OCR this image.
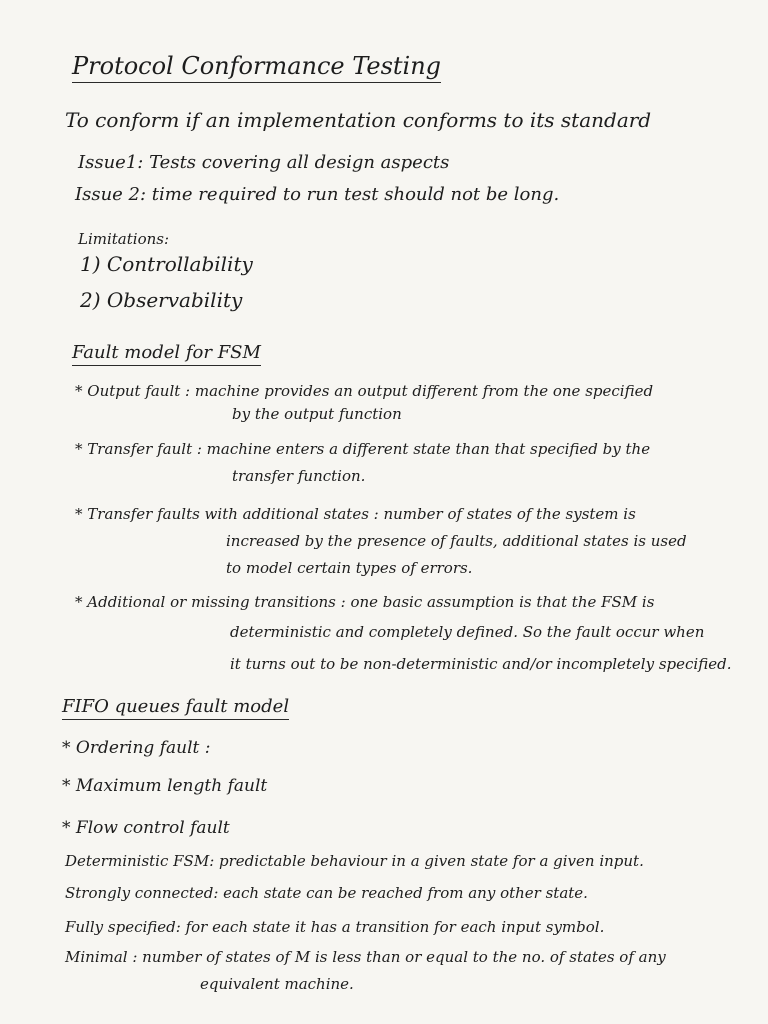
Protocol Conformance Testing
To conform if an implementation conforms to its standard
Issue1: Tests covering all design aspects
Issue 2: time required to run test should not be long.
Limitations:
1) Controllability
2) Observability
Fault model for FSM
* Output fault : machine provides an output different from the one specified
by the output function
* Transfer fault : machine enters a different state than that specified by the
transfer function.
* Transfer faults with additional states : number of states of the system is
increased by the presence of faults, additional states is used
to model certain types of errors.
* Additional or missing transitions : one basic assumption is that the FSM is
deterministic and completely defined. So the fault occur when
it turns out to be non-deterministic and/or incompletely specified.
FIFO queues fault model
* Ordering fault :
* Maximum length fault
* Flow control fault
Deterministic FSM: predictable behaviour in a given state for a given input.
Strongly connected: each state can be reached from any other state.
Fully specified: for each state it has a transition for each input symbol.
Minimal : number of states of M is less than or equal to the no. of states of any
equivalent machine.
